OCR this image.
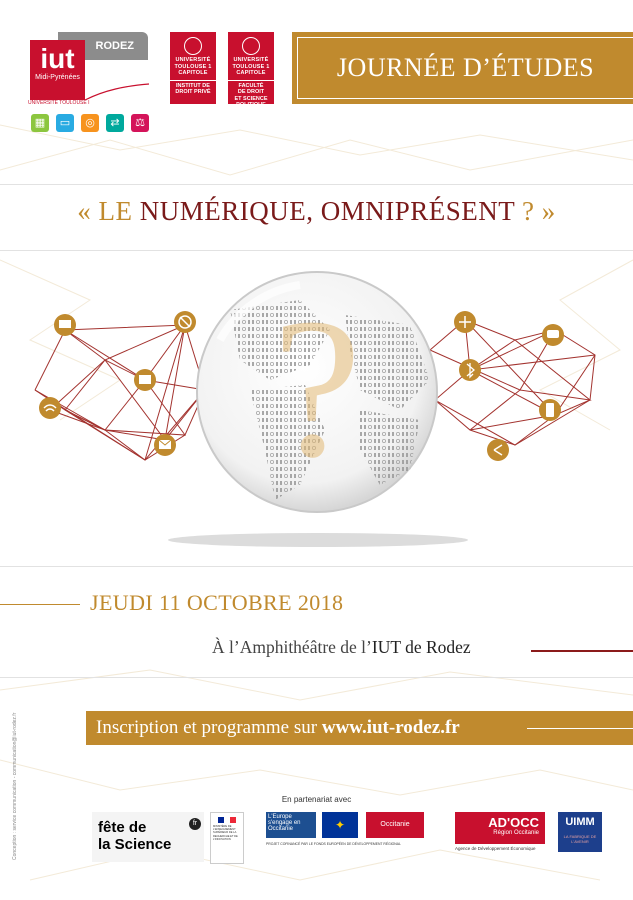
RODEZ
iut
Midi-Pyrénées
UNIVERSITÉ TOULOUSE I
▦	▭	◎	⇄	⚖
UNIVERSITÉ
TOULOUSE 1
CAPITOLE
INSTITUT DE
DROIT PRIVÉ
UNIVERSITÉ
TOULOUSE 1
CAPITOLE
FACULTÉ
DE DROIT
ET SCIENCE
POLITIQUE
JOURNÉE D’ÉTUDES
« LE NUMÉRIQUE, OMNIPRÉSENT ? »
?
JEUDI 11 OCTOBRE 2018
À l’Amphithéâtre de l’IUT de Rodez
Inscription et programme sur www.iut-rodez.fr
Conception : service communication - communication@iut-rodez.fr	En partenariat avec
fête de
la Science
fr	MINISTÈRE DE L'ENSEIGNEMENT SUPÉRIEUR DE LA RECHERCHE ET DE L'INNOVATION
L'Europe s'engage en Occitanie	✦	Occitanie
PROJET COFINANCÉ PAR LE FONDS EUROPÉEN DE DÉVELOPPEMENT RÉGIONAL
AD'OCC
Région Occitanie
Agence de Développement Économique
UIMM
LA FABRIQUE DE L'AVENIR
